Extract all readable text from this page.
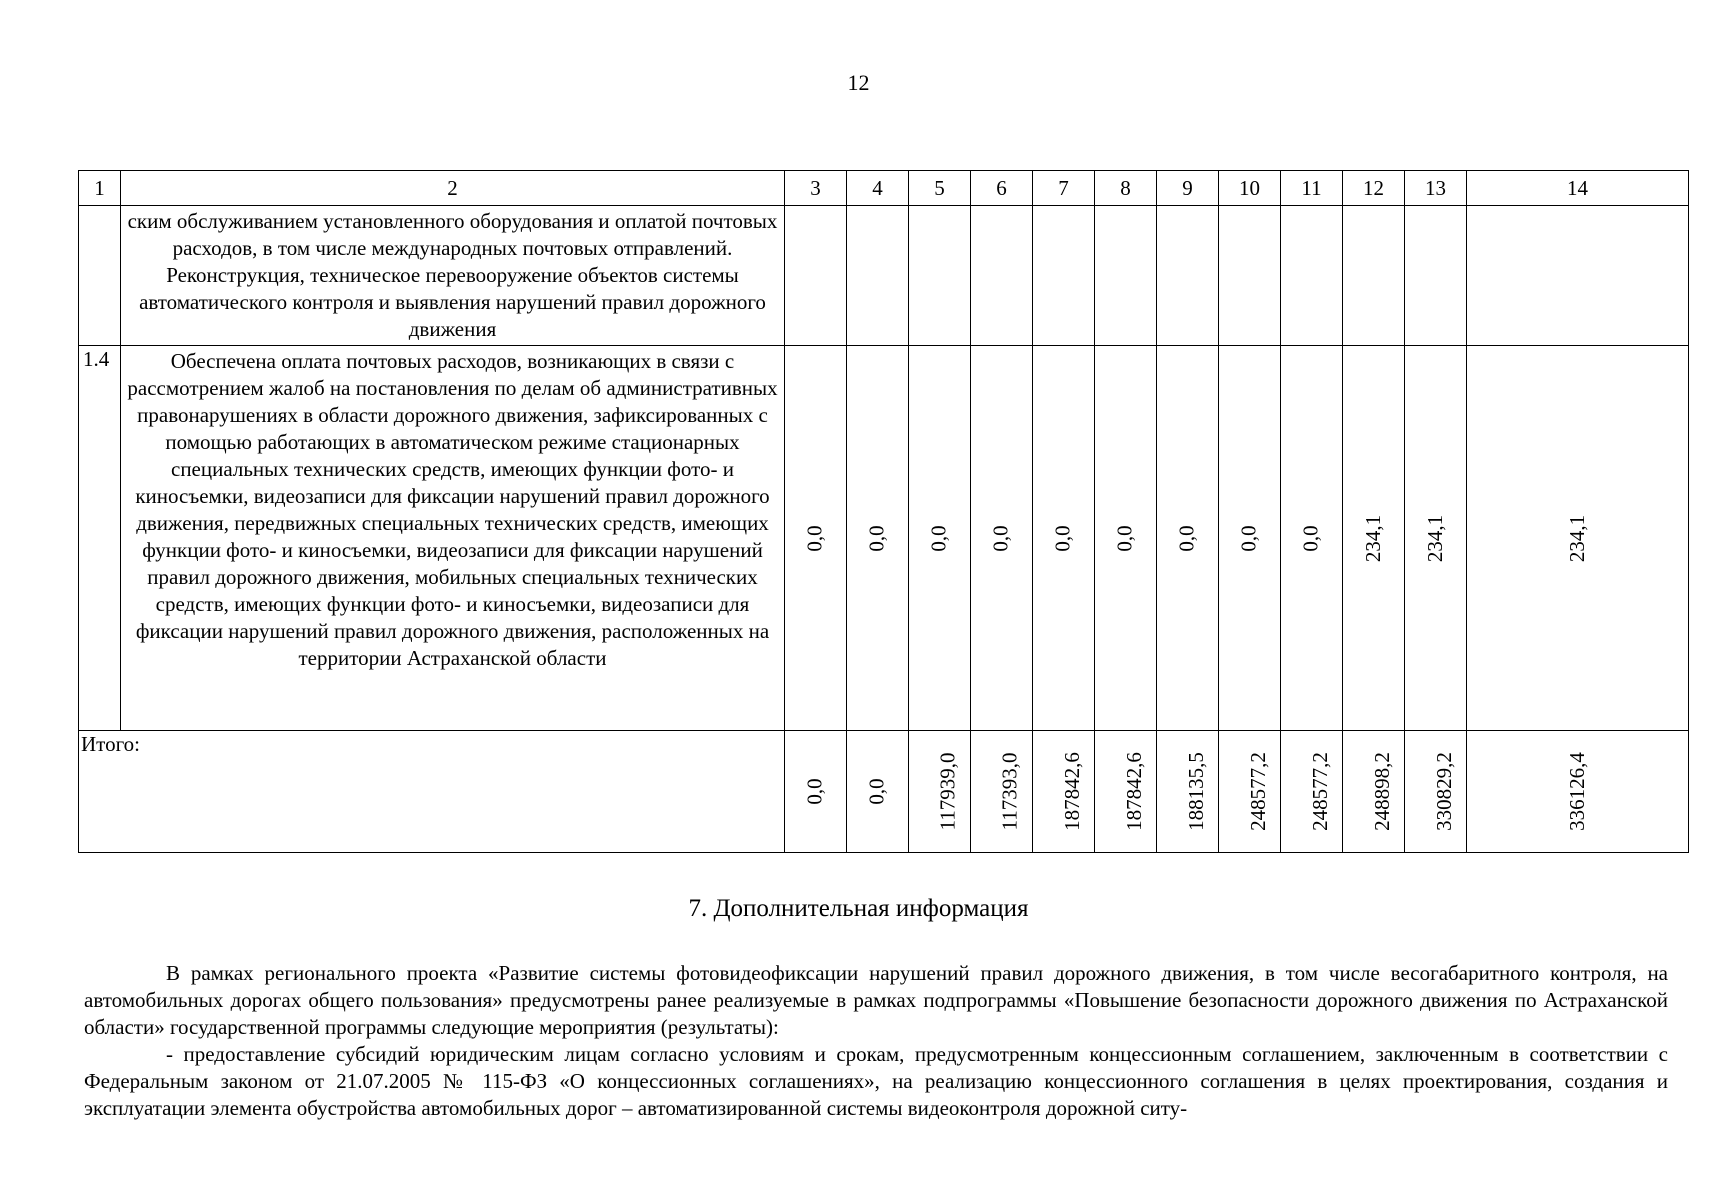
12
1	2	3	4	5	6	7	8	9	10	11	12	13	14
	ским обслуживанием установленного оборудования и оплатой почтовых расходов, в том числе международных почтовых отправлений. Реконструкция, техническое перевооружение объектов системы автоматического контроля и выявления нарушений правил дорожного движения												
1.4	Обеспечена оплата почтовых расходов, возникающих в связи с рассмотрением жалоб на постановления по делам об административных правонарушениях в области дорожного движения, зафиксированных с помощью работающих в автоматическом режиме стационарных специальных технических средств, имеющих функции фото- и киносъемки, видеозаписи для фиксации нарушений правил дорожного движения, передвижных специальных технических средств, имеющих функции фото- и киносъемки, видеозаписи для фиксации нарушений правил дорожного движения, мобильных специальных технических средств, имеющих функции фото- и киносъемки, видеозаписи для фиксации нарушений правил дорожного движения, расположенных на территории Астраханской области	0,0	0,0	0,0	0,0	0,0	0,0	0,0	0,0	0,0	234,1	234,1	234,1
Итого:		0,0	0,0	117939,0	117393,0	187842,6	187842,6	188135,5	248577,2	248577,2	248898,2	330829,2	336126,4
7. Дополнительная информация

В рамках регионального проекта «Развитие системы фотовидеофиксации нарушений правил дорожного движения, в том числе весогабаритного контроля, на автомобильных дорогах общего пользования» предусмотрены ранее реализуемые в рамках подпрограммы «Повышение безопасности дорожного движения по Астраханской области» государственной программы следующие мероприятия (результаты):

- предоставление субсидий юридическим лицам согласно условиям и срокам, предусмотренным концессионным соглашением, заключенным в соответствии с Федеральным законом от 21.07.2005 № 115-ФЗ «О концессионных соглашениях», на реализацию концессионного соглашения в целях проектирования, создания и эксплуатации элемента обустройства автомобильных дорог – автоматизированной системы видеоконтроля дорожной ситу-
